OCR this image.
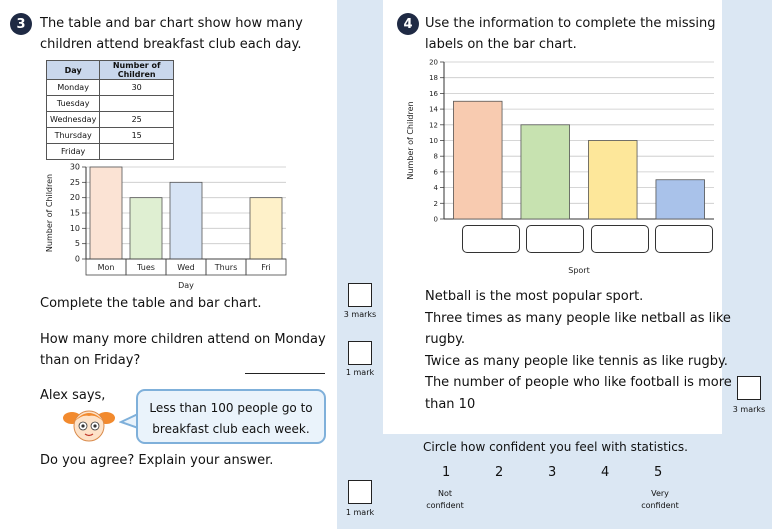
3	The table and bar chart show how many
children attend breakfast club each day.
Day	Number of Children
Monday	30
Tuesday	
Wednesday	25
Thursday	15
Friday	
0
5
10
15
20
25
30
Mon	Tues	Wed	Thurs	Fri
Day
Number of Children
Complete the table and bar chart.
3 marks
How many more children attend on Monday
than on Friday?
1 mark
Alex says,
Less than 100 people go to
breakfast club each week.
Do you agree? Explain your answer.
1 mark
4 Use the information to complete the missing
labels on the bar chart.
0
2
4
6
8
10
12
14
16
18
20
Sport
Number of Children
Netball is the most popular sport.
Three times as many people like netball as like
rugby.
Twice as many people like tennis as like rugby.
The number of people who like football is more
than 10	3 marks
Circle how confident you feel with statistics.
1	2	3	4	5
Not
confident
Very
confident
